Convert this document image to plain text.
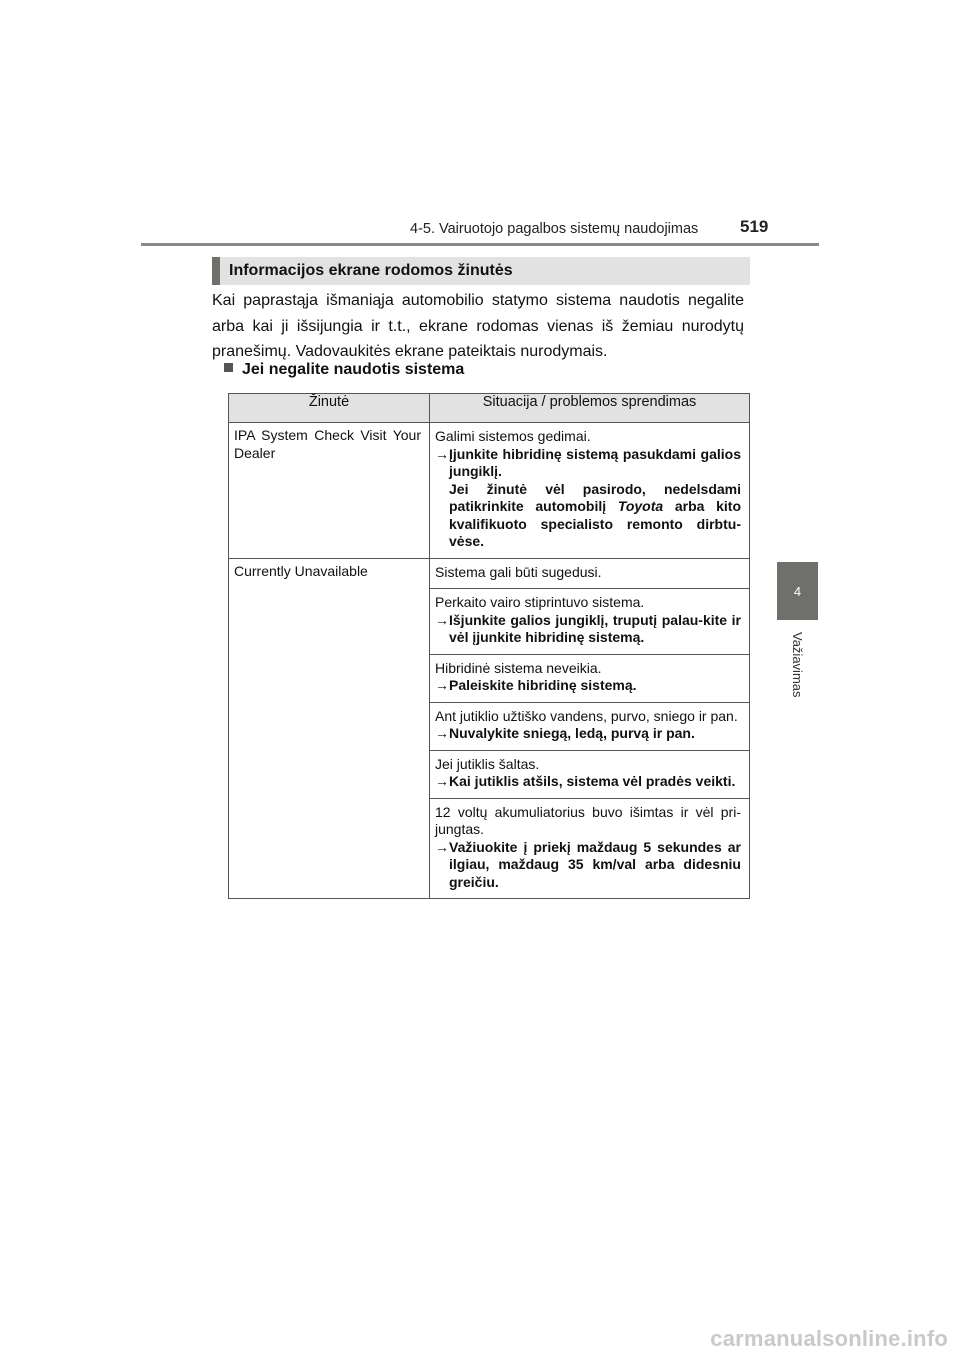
4-5. Vairuotojo pagalbos sistemų naudojimas 519
4
Važiavimas
Informacijos ekrane rodomos žinutės
Kai paprastąja išmaniąja automobilio statymo sistema naudotis negalite arba kai ji išsijungia ir t.t., ekrane rodomas vienas iš žemiau nurodytų pranešimų. Vadovaukitės ekrane pateiktais nurodymais.
Jei negalite naudotis sistema
Žinutė	Situacija / problemos sprendimas
IPA System Check Visit Your Dealer	Galimi sistemos gedimai.
→ Įjunkite hibridinę sistemą pasukdami galios jungiklį.
Jei žinutė vėl pasirodo, nedelsdami patikrinkite automobilį Toyota arba kito kvalifikuoto specialisto remonto dirbtu-vėse.

Currently Unavailable	Sistema gali būti sugedusi.

	Perkaito vairo stiprintuvo sistema.
→ Išjunkite galios jungiklį, truputį palau-kite ir vėl įjunkite hibridinę sistemą.

	Hibridinė sistema neveikia.
→ Paleiskite hibridinę sistemą.

	Ant jutiklio užtiško vandens, purvo, sniego ir pan.
→ Nuvalykite sniegą, ledą, purvą ir pan.

	Jei jutiklis šaltas.
→ Kai jutiklis atšils, sistema vėl pradės veikti.

	12 voltų akumuliatorius buvo išimtas ir vėl pri-jungtas.
→ Važiuokite į priekį maždaug 5 sekundes ar ilgiau, maždaug 35 km/val arba didesniu greičiu.
carmanualsonline.info
